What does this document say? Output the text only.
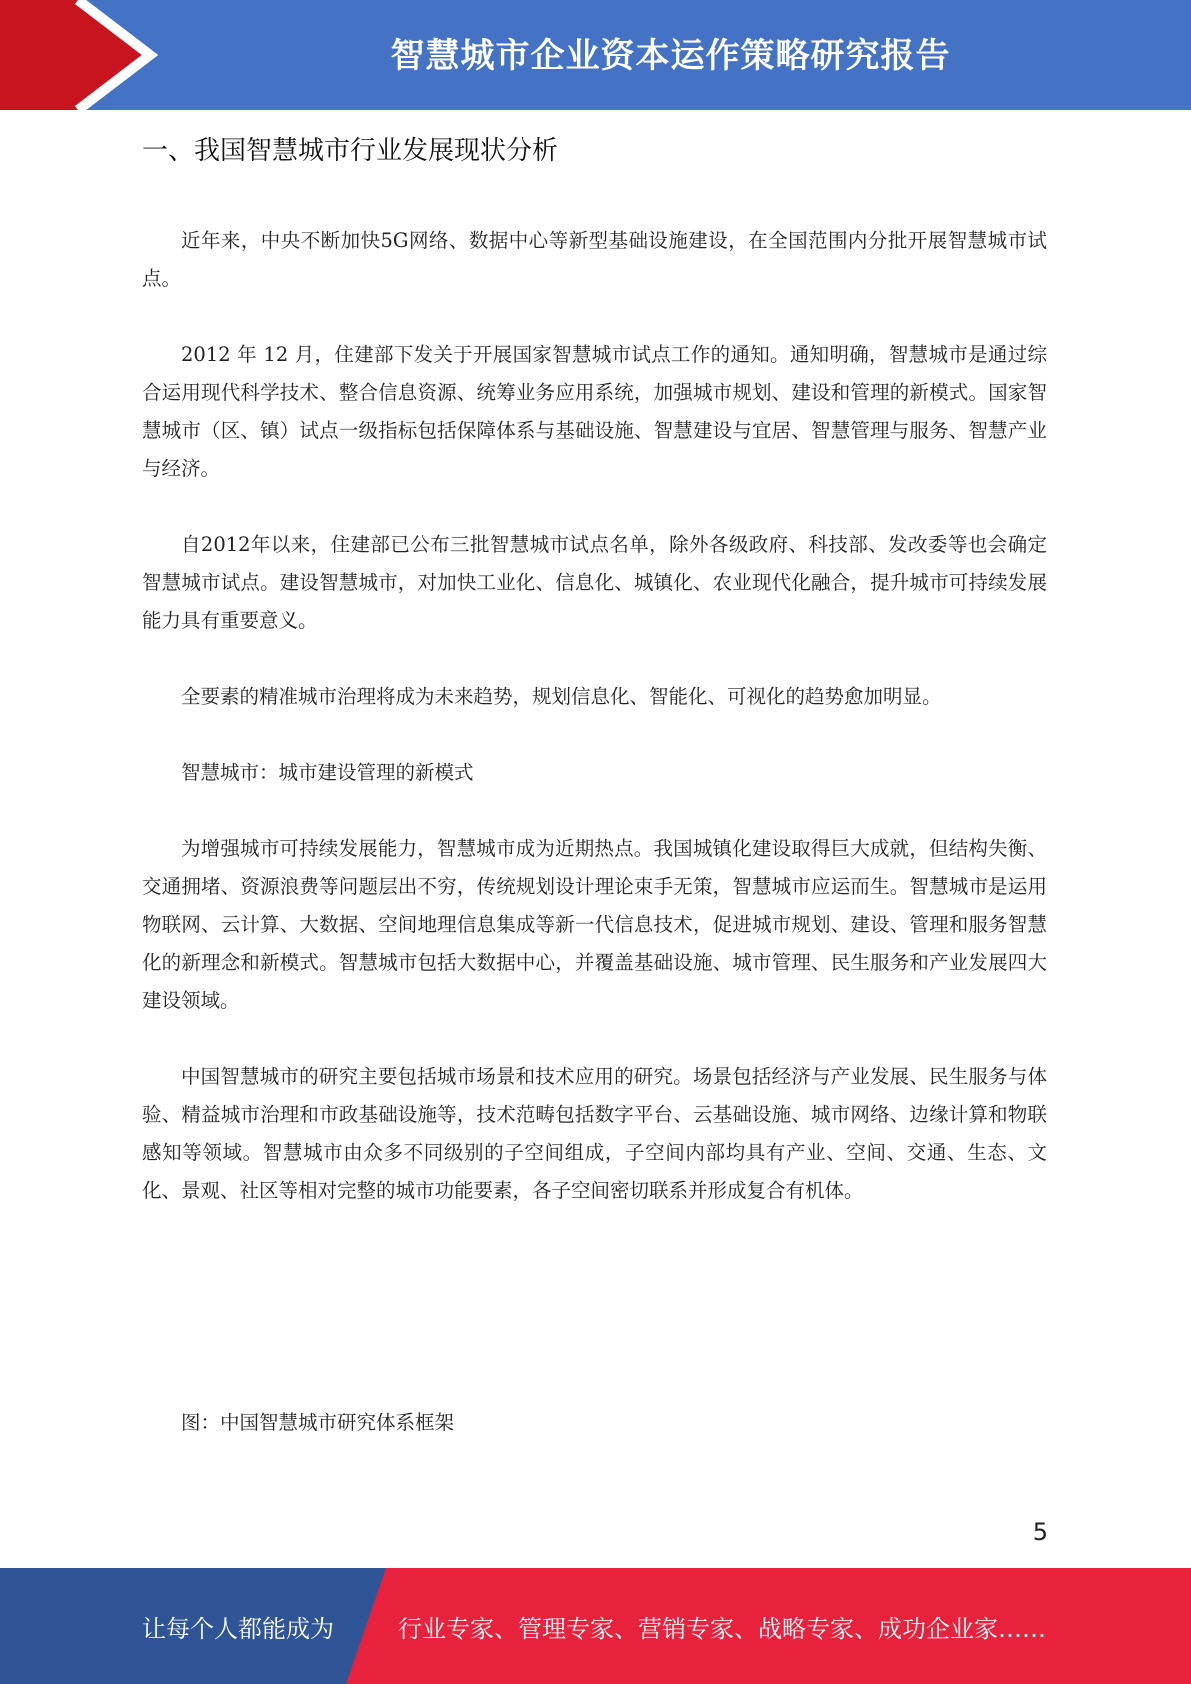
智慧城市企业资本运作策略研究报告
一、我国智慧城市行业发展现状分析

近年来，中央不断加快5G网络、数据中心等新型基础设施建设，在全国范围内分批开展智慧城市试点。

2012 年 12 月，住建部下发关于开展国家智慧城市试点工作的通知。通知明确，智慧城市是通过综合运用现代科学技术、整合信息资源、统筹业务应用系统，加强城市规划、建设和管理的新模式。国家智慧城市（区、镇）试点一级指标包括保障体系与基础设施、智慧建设与宜居、智慧管理与服务、智慧产业与经济。

自2012年以来，住建部已公布三批智慧城市试点名单，除外各级政府、科技部、发改委等也会确定智慧城市试点。建设智慧城市，对加快工业化、信息化、城镇化、农业现代化融合，提升城市可持续发展能力具有重要意义。

全要素的精准城市治理将成为未来趋势，规划信息化、智能化、可视化的趋势愈加明显。

智慧城市：城市建设管理的新模式

为增强城市可持续发展能力，智慧城市成为近期热点。我国城镇化建设取得巨大成就，但结构失衡、交通拥堵、资源浪费等问题层出不穷，传统规划设计理论束手无策，智慧城市应运而生。智慧城市是运用物联网、云计算、大数据、空间地理信息集成等新一代信息技术，促进城市规划、建设、管理和服务智慧化的新理念和新模式。智慧城市包括大数据中心，并覆盖基础设施、城市管理、民生服务和产业发展四大建设领域。

中国智慧城市的研究主要包括城市场景和技术应用的研究。场景包括经济与产业发展、民生服务与体验、精益城市治理和市政基础设施等，技术范畴包括数字平台、云基础设施、城市网络、边缘计算和物联感知等领域。智慧城市由众多不同级别的子空间组成，子空间内部均具有产业、空间、交通、生态、文化、景观、社区等相对完整的城市功能要素，各子空间密切联系并形成复合有机体。

图：中国智慧城市研究体系框架

5
让每个人都能成为	行业专家、管理专家、营销专家、战略专家、成功企业家……
